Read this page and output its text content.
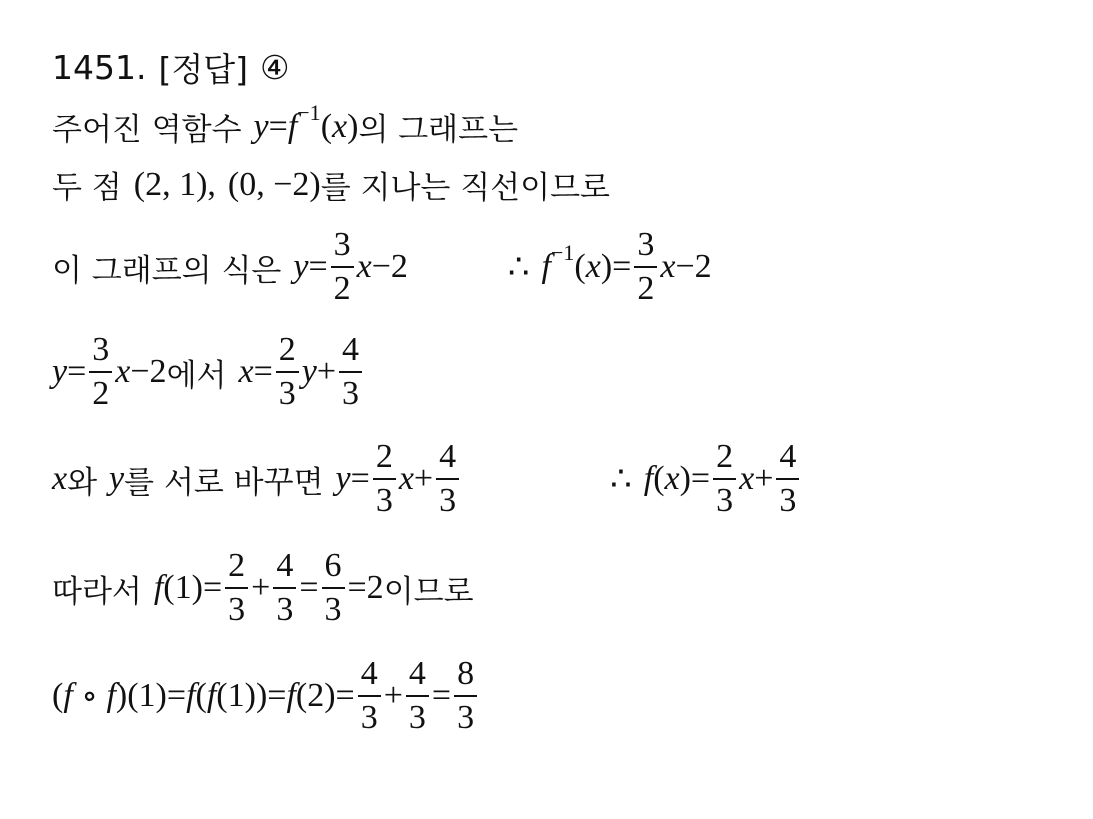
1451. [정답] ④
주어진 역함수 y = f −1 ( x ) 의 그래프는
두 점 (2, 1), (0, −2) 를 지나는 직선이므로
이 그래프의 식은 $y = \frac{3}{2}$ x −2	∴ f −1 ( x )= $\frac{3}{2}$ x −2
$y = \frac{3}{2}$ x −2 에서 $x = \frac{2}{3}$ $y + \frac{4}{3}$
x 와 y 를 서로 바꾸면 $y = \frac{2}{3}$ $x + \frac{4}{3}$	∴ f ( x )= $\frac{2}{3}$ $x + \frac{4}{3}$
따라서 f $(1)= \frac{2}{3} + \frac{4}{3} = \frac{6}{3} =2$ 이므로
( f ∘ f )(1)= f ( f (1))= f $(2)= \frac{4}{3} + \frac{4}{3} = \frac{8}{3}$
